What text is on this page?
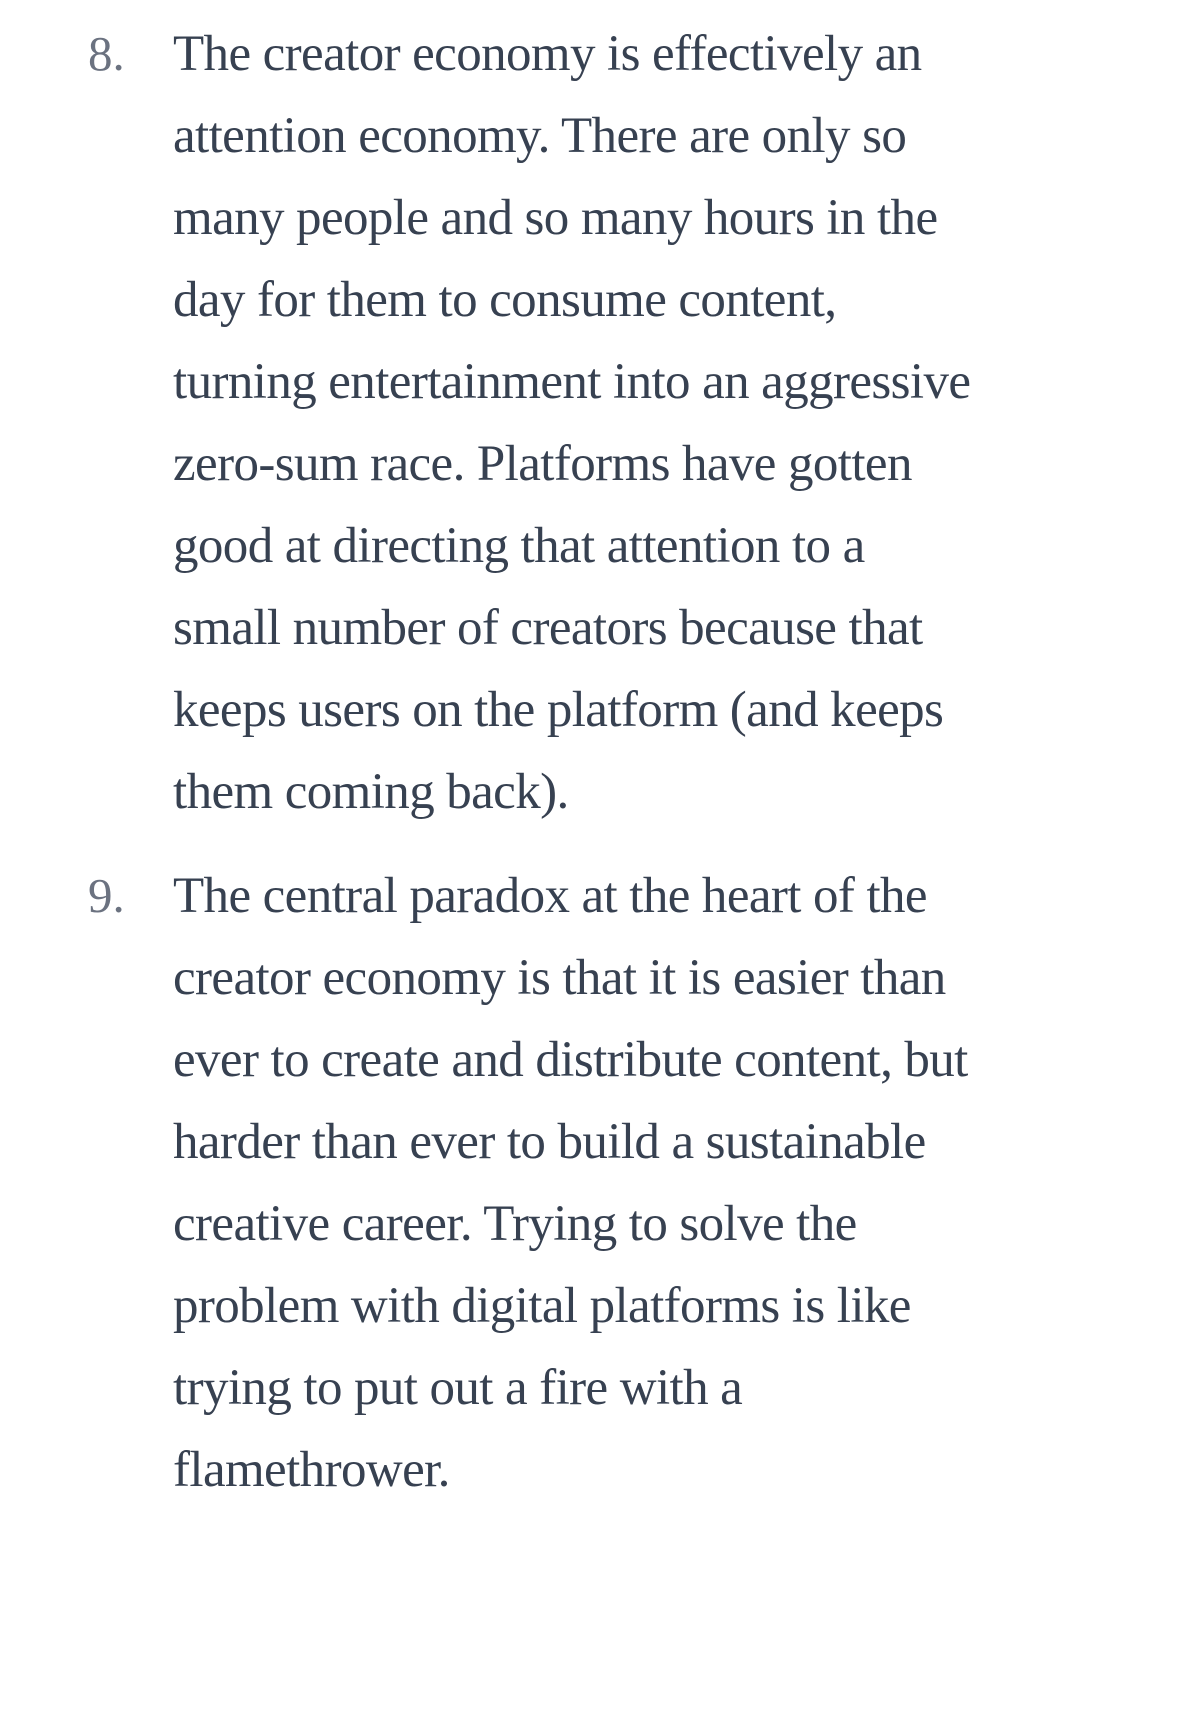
8. The creator economy is effectively an
attention economy. There are only so
many people and so many hours in the
day for them to consume content,
turning entertainment into an aggressive
zero-sum race. Platforms have gotten
good at directing that attention to a
small number of creators because that
keeps users on the platform (and keeps
them coming back).
9. The central paradox at the heart of the
creator economy is that it is easier than
ever to create and distribute content, but
harder than ever to build a sustainable
creative career. Trying to solve the
problem with digital platforms is like
trying to put out a fire with a
flamethrower.
